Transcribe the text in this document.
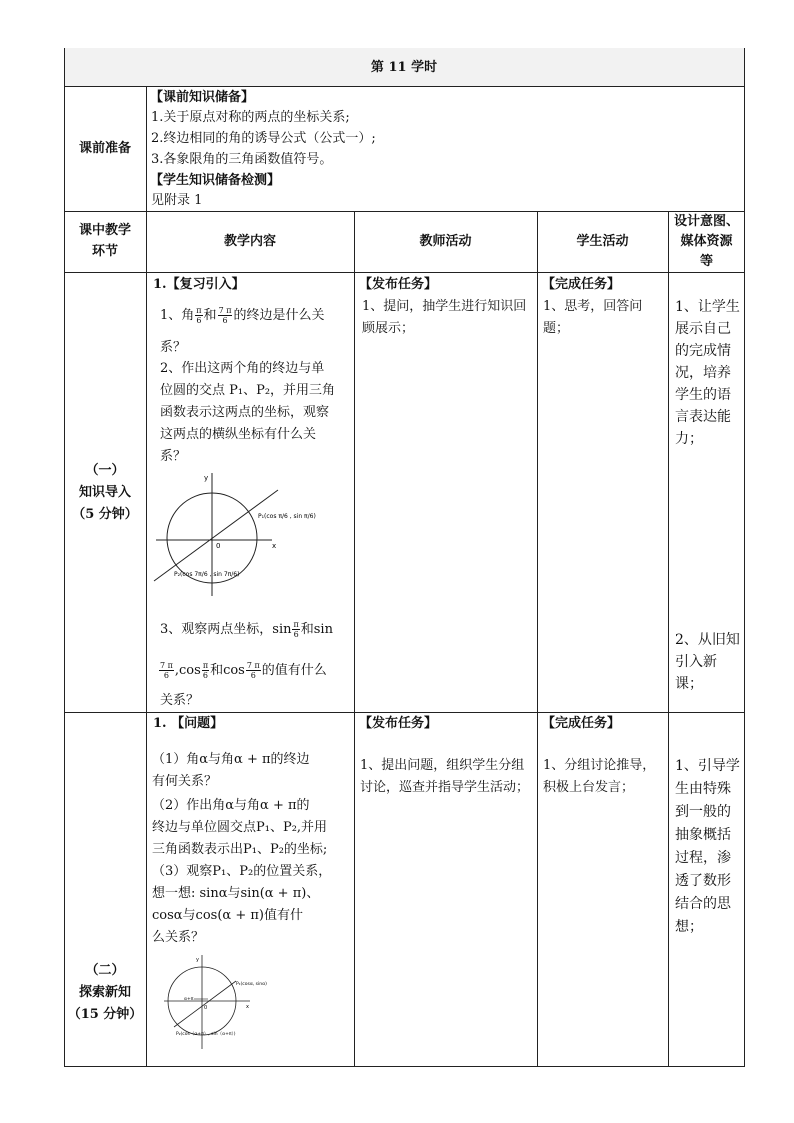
第 11 学时
课前准备
【课前知识储备】
1.关于原点对称的两点的坐标关系;
2.终边相同的角的诱导公式（公式一）;
3.各象限角的三角函数值符号。
【学生知识储备检测】
见附录 1
课中教学
环节
教学内容	教师活动	学生活动
设计意图、
媒体资源
等
（一）
知识导入
（5 分钟）
1.【复习引入】
1、角 $\frac{\pi}{6}$ 和 $\frac{7 \pi}{6}$ 的终边是什么关
系？
2、作出这两个角的终边与单
位圆的交点 P₁、P₂，并用三角
函数表示这两点的坐标，观察
这两点的横纵坐标有什么关
系？
y
x
0
P₁(cos π/6 , sin π/6)
P₂(cos 7π/6 , sin 7π/6)
3、观察两点坐标，$\sin \frac{\pi}{6}$ 和sin
$\frac{7 \pi}{6} ,\cos \frac{\pi}{6}$ 和$\cos \frac{7 \pi}{6}$ 的值有什么
关系？
【发布任务】
1、提问，抽学生进行知识回顾展示；
【完成任务】
1、思考，回答问题；
1、让学生展示自己的完成情况，培养学生的语言表达能力；
2、从旧知引入新课；
（二）
探索新知
（15 分钟）
1. 【问题】
（1）角α与角α + π的终边
有何关系？
（2）作出角α与角α + π的
终边与单位圆交点P₁、P₂,并用
三角函数表示出P₁、P₂的坐标;
（3）观察P₁、P₂的位置关系，
想一想: sinα与sin(α + π)、
cosα与cos(α + π)值有什
么关系？
y
x
0
α+π
P₁(cosα, sinα)
P₂(cos（α+π）, sin（α+π）)
【发布任务】
1、提出问题，组织学生分组讨论，巡查并指导学生活动；
【完成任务】
1、分组讨论推导，积极上台发言；
1、引导学生由特殊到一般的抽象概括过程，渗透了数形结合的思想；
